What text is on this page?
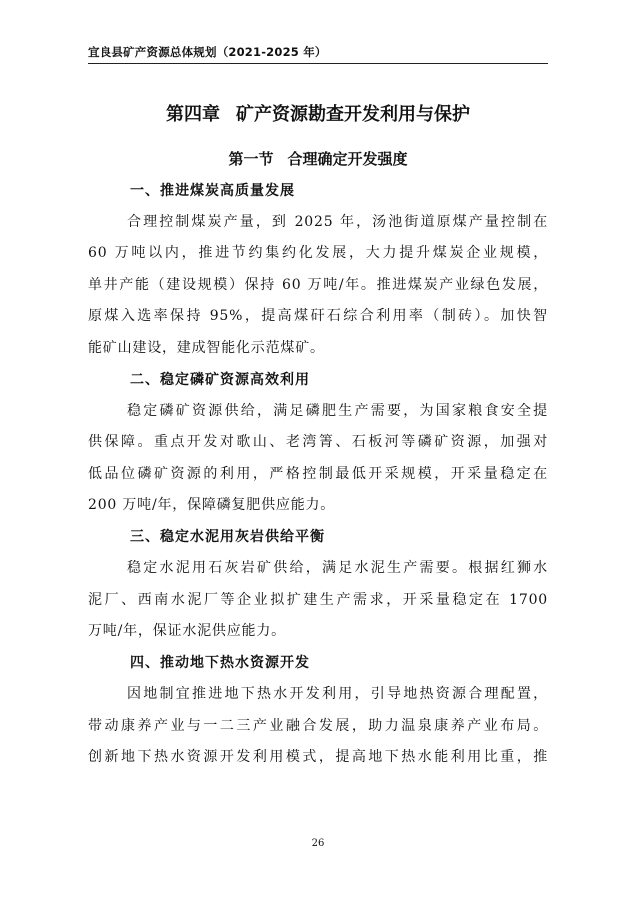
宜良县矿产资源总体规划（2021-2025 年）
第四章 矿产资源勘查开发利用与保护
第一节 合理确定开发强度
一、推进煤炭高质量发展
合理控制煤炭产量，到 2025 年，汤池街道原煤产量控制在
60 万吨以内，推进节约集约化发展，大力提升煤炭企业规模，
单井产能（建设规模）保持 60 万吨/年。推进煤炭产业绿色发展，
原煤入选率保持 95%，提高煤矸石综合利用率（制砖）。加快智
能矿山建设，建成智能化示范煤矿。
二、稳定磷矿资源高效利用
稳定磷矿资源供给，满足磷肥生产需要，为国家粮食安全提
供保障。重点开发对歌山、老湾箐、石板河等磷矿资源，加强对
低品位磷矿资源的利用，严格控制最低开采规模，开采量稳定在
200 万吨/年，保障磷复肥供应能力。
三、稳定水泥用灰岩供给平衡
稳定水泥用石灰岩矿供给，满足水泥生产需要。根据红狮水
泥厂、西南水泥厂等企业拟扩建生产需求，开采量稳定在 1700
万吨/年，保证水泥供应能力。
四、推动地下热水资源开发
因地制宜推进地下热水开发利用，引导地热资源合理配置，
带动康养产业与一二三产业融合发展，助力温泉康养产业布局。
创新地下热水资源开发利用模式，提高地下热水能利用比重，推
26
